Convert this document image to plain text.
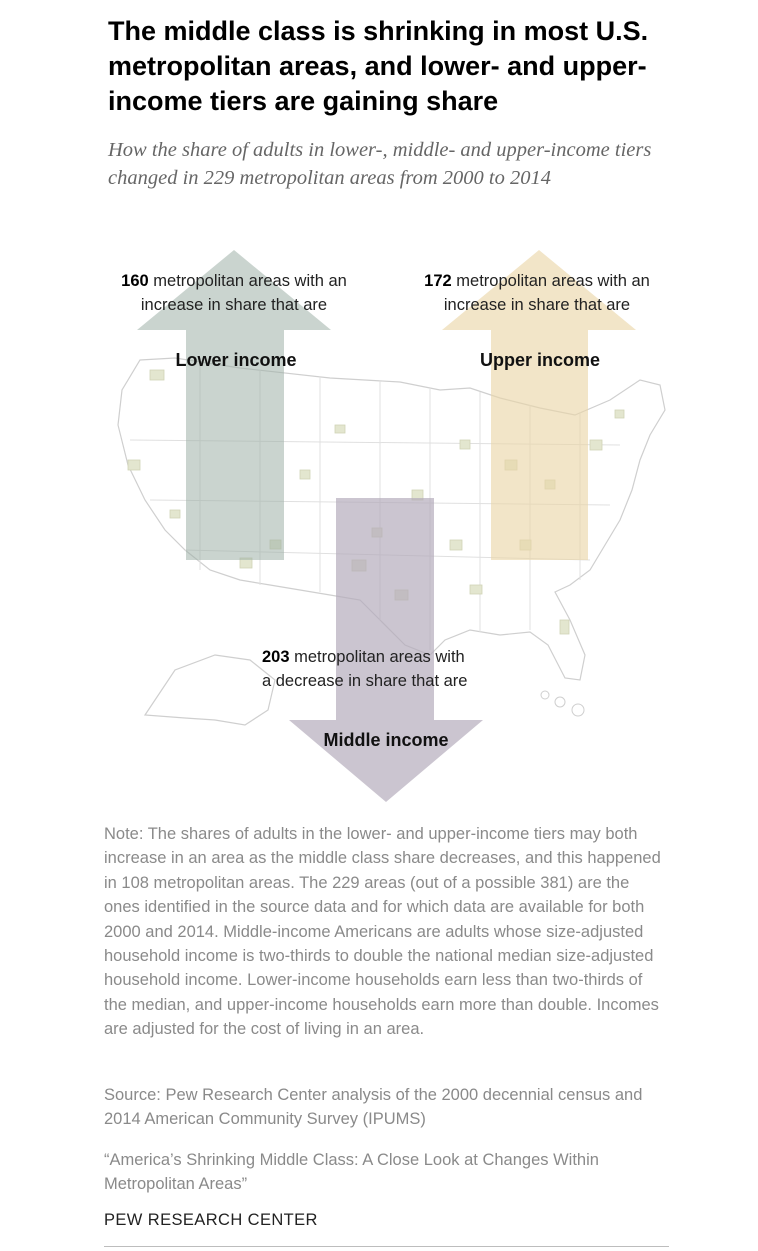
The middle class is shrinking in most U.S. metropolitan areas, and lower- and upper-income tiers are gaining share

How the share of adults in lower-, middle- and upper-income tiers changed in 229 metropolitan areas from 2000 to 2014

160 metropolitan areas with an
increase in share that are
Lower income
172 metropolitan areas with an
increase in share that are
Upper income
203 metropolitan areas with
a decrease in share that are
Middle income

Note: The shares of adults in the lower- and upper-income tiers may both increase in an area as the middle class share decreases, and this happened in 108 metropolitan areas. The 229 areas (out of a possible 381) are the ones identified in the source data and for which data are available for both 2000 and 2014. Middle-income Americans are adults whose size-adjusted household income is two-thirds to double the national median size-adjusted household income. Lower-income households earn less than two-thirds of the median, and upper-income households earn more than double. Incomes are adjusted for the cost of living in an area.

Source: Pew Research Center analysis of the 2000 decennial census and 2014 American Community Survey (IPUMS)

“America’s Shrinking Middle Class: A Close Look at Changes Within Metropolitan Areas”

PEW RESEARCH CENTER
